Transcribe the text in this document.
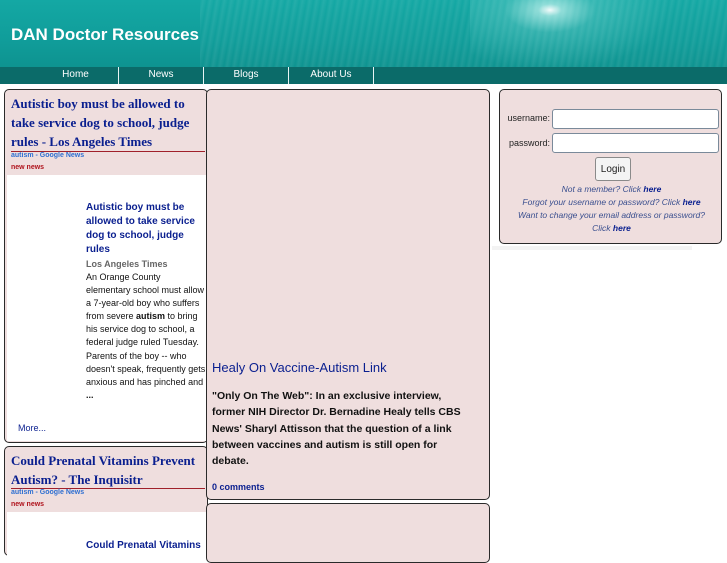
DAN Doctor Resources
Home	News	Blogs	About Us
Autistic boy must be allowed to take service dog to school, judge rules - Los Angeles Times
autism - Google News
new news
Autistic boy must be allowed to take service dog to school, judge rules
Los Angeles Times
An Orange County elementary school must allow a 7-year-old boy who suffers from severe autism to bring his service dog to school, a federal judge ruled Tuesday. Parents of the boy -- who doesn't speak, frequently gets anxious and has pinched and ...
More...
Could Prenatal Vitamins Prevent Autism? - The Inquisitr
autism - Google News
new news
Could Prenatal Vitamins
Healy On Vaccine-Autism Link
"Only On The Web": In an exclusive interview, former NIH Director Dr. Bernadine Healy tells CBS News' Sharyl Attisson that the question of a link between vaccines and autism is still open for debate.
0 comments
username:
password:
Login
Not a member? Click here
Forgot your username or password? Click here
Want to change your email address or password?
Click here
